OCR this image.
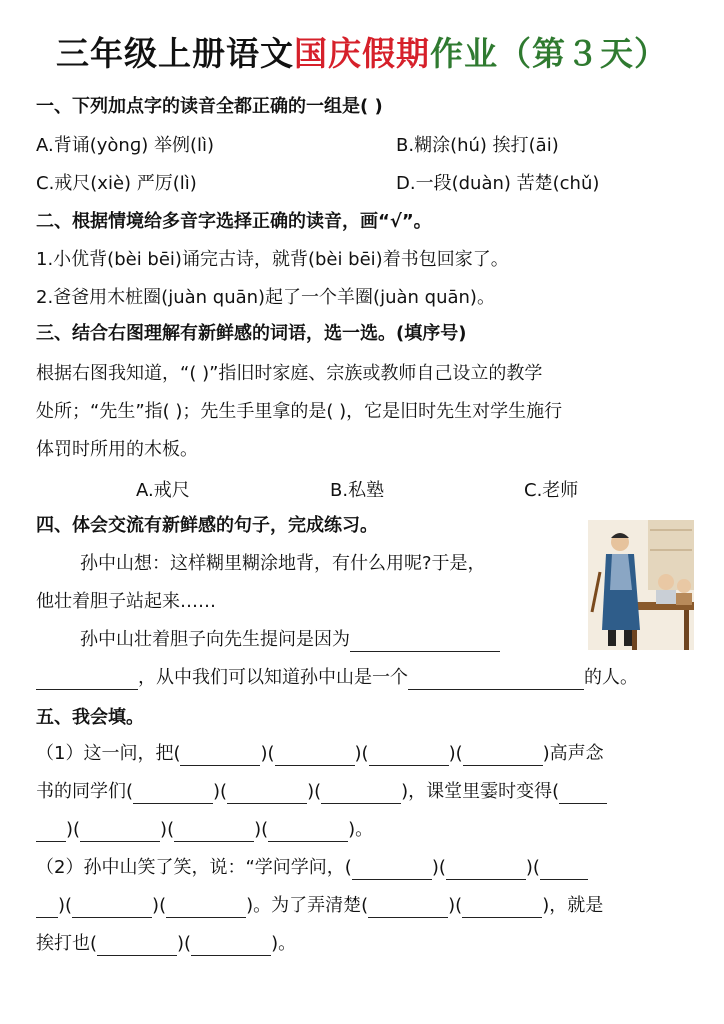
三年级上册语文国庆假期作业（第３天）
一、下列加点字的读音全都正确的一组是( )
A.背诵(yònɡ) 举例(lì)	B.糊涂(hú) 挨打(āi)
C.戒尺(xiè) 严厉(lì)	D.一段(duàn) 苦楚(chǔ)
二、根据情境给多音字选择正确的读音，画“√”。
1.小优背(bèi bēi)诵完古诗，就背(bèi bēi)着书包回家了。
2.爸爸用木桩圈(juàn quān)起了一个羊圈(juàn quān)。
三、结合右图理解有新鲜感的词语，选一选。(填序号)
根据右图我知道，“( )”指旧时家庭、宗族或教师自己设立的教学
处所；“先生”指( )；先生手里拿的是( )，它是旧时先生对学生施行
体罚时所用的木板。
A.戒尺	B.私塾	C.老师
四、体会交流有新鲜感的句子，完成练习。
孙中山想：这样糊里糊涂地背，有什么用呢?于是，
他壮着胆子站起来……
孙中山壮着胆子向先生提问是因为
，从中我们可以知道孙中山是一个	的人。
五、我会填。
（1）这一问，把(	)(	)(	)(	)高声念
书的同学们(	)(	)(	)，课堂里霎时变得(
)(	)(	)(	)。
（2）孙中山笑了笑，说：“学问学问，(	)(	)(
)(	)(	)。为了弄清楚(	)(	)，就是
挨打也(	)(	)。
